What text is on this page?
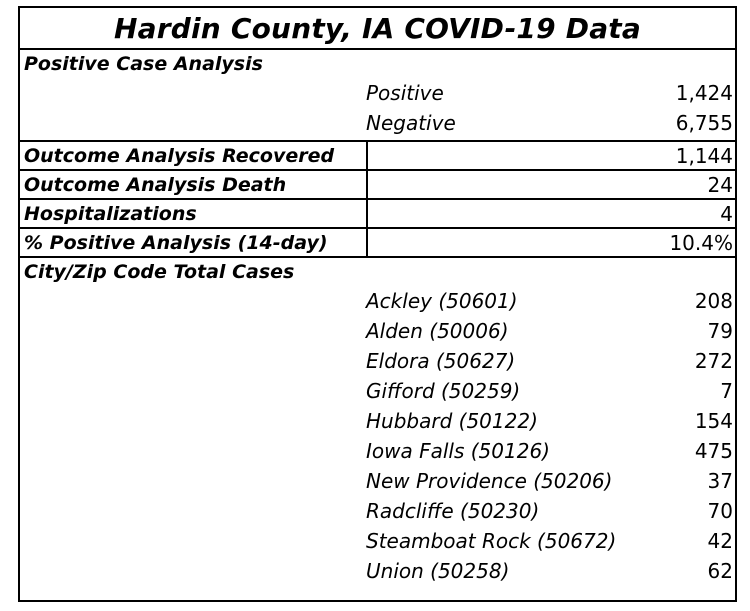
Hardin County, IA COVID-19 Data
Positive Case Analysis
Positive	1,424
Negative	6,755
Outcome Analysis Recovered	1,144
Outcome Analysis Death	24
Hospitalizations	4
% Positive Analysis (14-day)	10.4%
City/Zip Code Total Cases
Ackley (50601)	208
Alden (50006)	79
Eldora (50627)	272
Gifford (50259)	7
Hubbard (50122)	154
Iowa Falls (50126)	475
New Providence (50206)	37
Radcliffe (50230)	70
Steamboat Rock (50672)	42
Union (50258)	62
